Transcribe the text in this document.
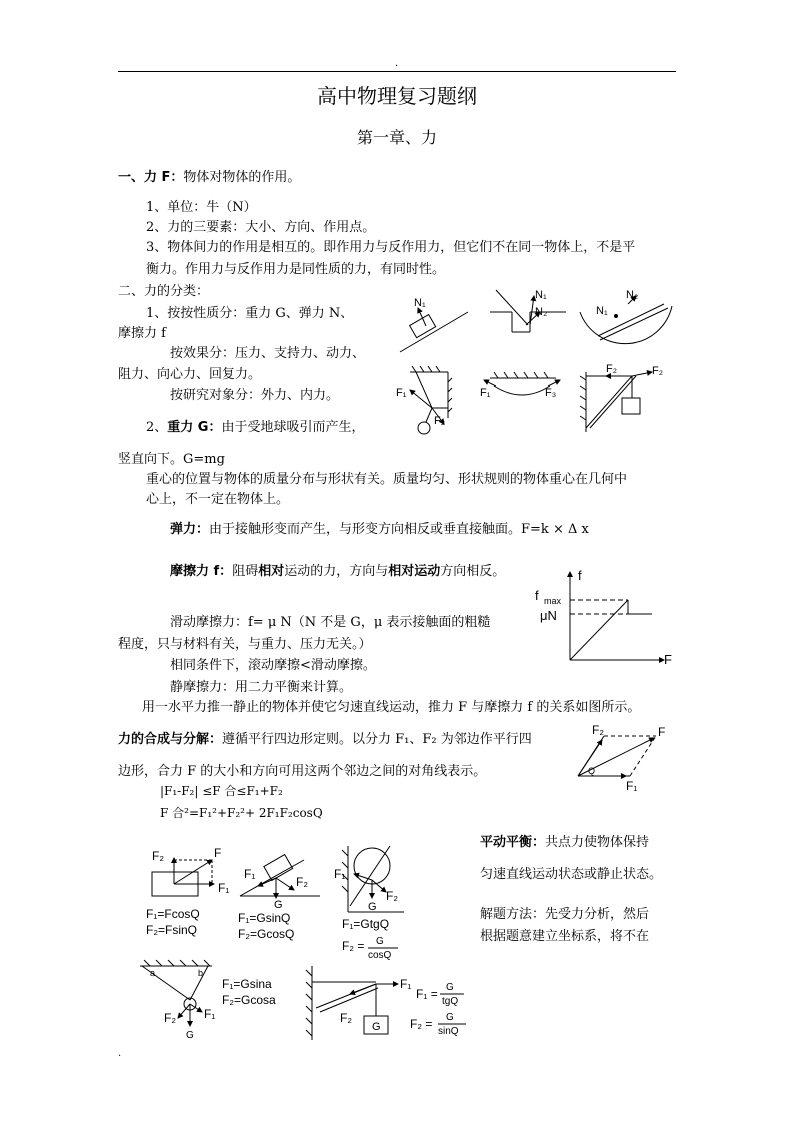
.
高中物理复习题纲
第一章、力
一、力 F：物体对物体的作用。
1、单位：牛（N）
2、力的三要素：大小、方向、作用点。
3、物体间力的作用是相互的。即作用力与反作用力，但它们不在同一物体上，不是平
衡力。作用力与反作用力是同性质的力，有同时性。
二、力的分类：
1、按按性质分：重力 G、弹力 N、
摩擦力 f
按效果分：压力、支持力、动力、
阻力、向心力、回复力。
按研究对象分：外力、内力。
2、重力 G：由于受地球吸引而产生，
竖直向下。G=mg
重心的位置与物体的质量分布与形状有关。质量均匀、形状规则的物体重心在几何中
心上，不一定在物体上。
弹力：由于接触形变而产生，与形变方向相反或垂直接触面。F=k × Δ x
摩擦力 f：阻碍相对运动的力，方向与相对运动方向相反。
滑动摩擦力：f= μ N（N 不是 G，μ 表示接触面的粗糙
程度，只与材料有关，与重力、压力无关。）
相同条件下，滚动摩擦<滑动摩擦。
静摩擦力：用二力平衡来计算。
用一水平力推一静止的物体并使它匀速直线运动，推力 F 与摩擦力 f 的关系如图所示。
力的合成与分解：遵循平行四边形定则。以分力 F₁、F₂ 为邻边作平行四
边形，合力 F 的大小和方向可用这两个邻边之间的对角线表示。
|F₁-F₂| ≤F 合≤F₁+F₂
F 合²=F₁²+F₂²+ 2F₁F₂cosQ
平动平衡：共点力使物体保持
匀速直线运动状态或静止状态。
解题方法：先受力分析，然后
根据题意建立坐标系，将不在
.
N₁
N₁
N₂
N₂
N₁
F₁
F₂
F₁	F₃
F₂	F₂
f
f max
μN
F
F₂	F
F₁
Q
F₂	F
F₁
F₁=FcosQ
F₂=FsinQ
F₁
F₂
G
F₁=GsinQ
F₂=GcosQ
F₁
F₂
G
F₁=GtgQ
F₂ = G
cosQ
a	b
F₂ F₁
G
F₁=Gsina
F₂=Gcosa
F₁
F₂
G
F₁ = G
tgQ
F₂ = G
sinQ
